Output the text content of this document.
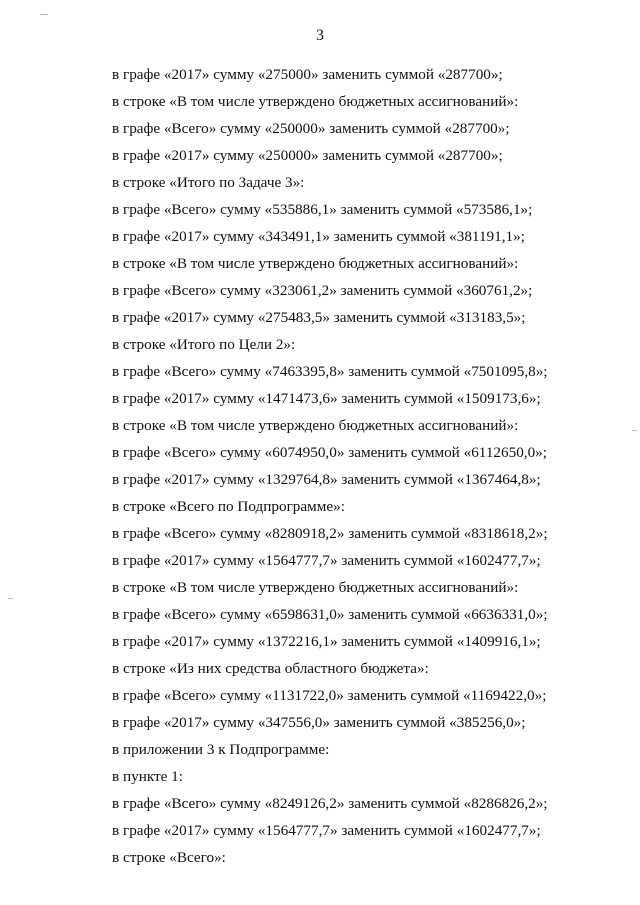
3
в графе «2017» сумму «275000» заменить суммой «287700»;
в строке «В том числе утверждено бюджетных ассигнований»:
в графе «Всего» сумму «250000» заменить суммой «287700»;
в графе «2017» сумму «250000» заменить суммой «287700»;
в строке «Итого по Задаче 3»:
в графе «Всего» сумму «535886,1» заменить суммой «573586,1»;
в графе «2017» сумму «343491,1» заменить суммой «381191,1»;
в строке «В том числе утверждено бюджетных ассигнований»:
в графе «Всего» сумму «323061,2» заменить суммой «360761,2»;
в графе «2017» сумму «275483,5» заменить суммой «313183,5»;
в строке «Итого по Цели 2»:
в графе «Всего» сумму «7463395,8» заменить суммой «7501095,8»;
в графе «2017» сумму «1471473,6» заменить суммой «1509173,6»;
в строке «В том числе утверждено бюджетных ассигнований»:
в графе «Всего» сумму «6074950,0» заменить суммой «6112650,0»;
в графе «2017» сумму «1329764,8» заменить суммой «1367464,8»;
в строке «Всего по Подпрограмме»:
в графе «Всего» сумму «8280918,2» заменить суммой «8318618,2»;
в графе «2017» сумму «1564777,7» заменить суммой «1602477,7»;
в строке «В том числе утверждено бюджетных ассигнований»:
в графе «Всего» сумму «6598631,0» заменить суммой «6636331,0»;
в графе «2017» сумму «1372216,1» заменить суммой «1409916,1»;
в строке «Из них средства областного бюджета»:
в графе «Всего» сумму «1131722,0» заменить суммой «1169422,0»;
в графе «2017» сумму «347556,0» заменить суммой «385256,0»;
в приложении 3 к Подпрограмме:
в пункте 1:
в графе «Всего» сумму «8249126,2» заменить суммой «8286826,2»;
в графе «2017» сумму «1564777,7» заменить суммой «1602477,7»;
в строке «Всего»:
